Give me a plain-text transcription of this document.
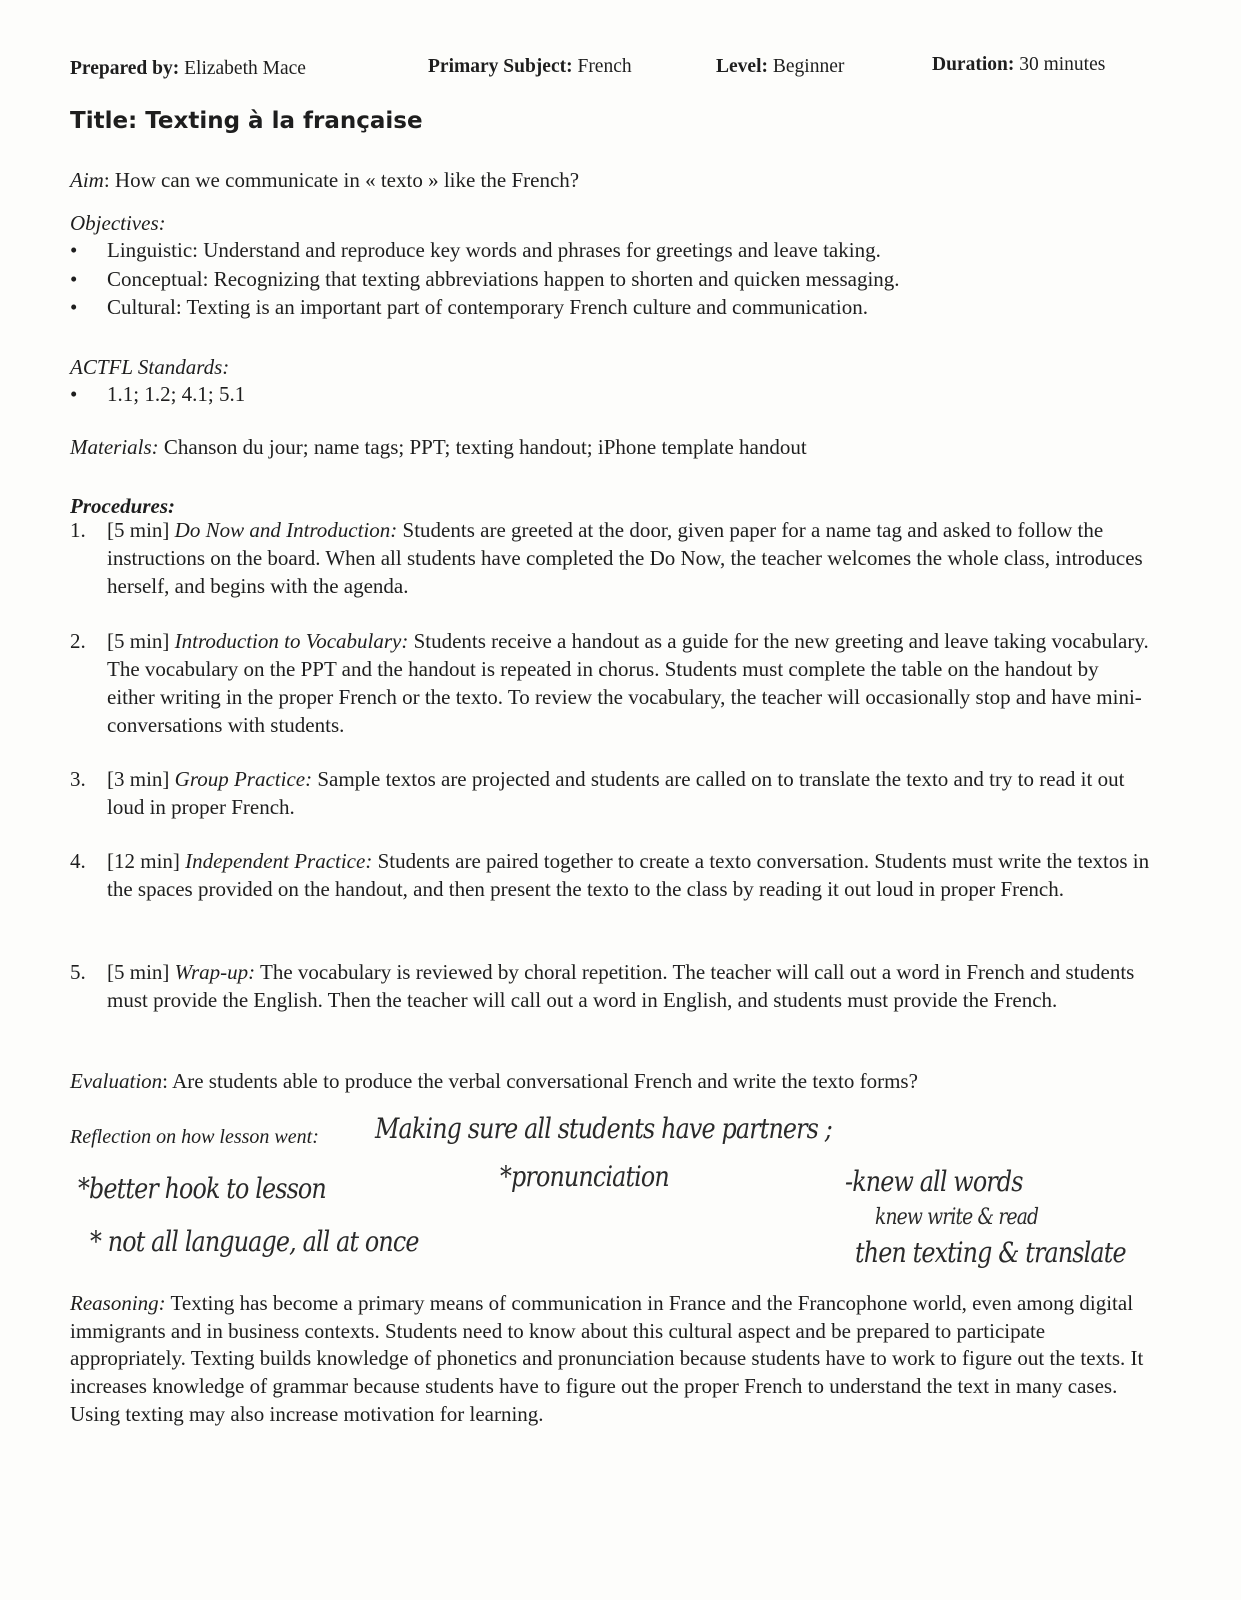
Prepared by: Elizabeth Mace	Primary Subject: French	Level: Beginner	Duration: 30 minutes
Title: Texting à la française
Aim: How can we communicate in « texto » like the French?
Objectives:
• Linguistic: Understand and reproduce key words and phrases for greetings and leave taking.
• Conceptual: Recognizing that texting abbreviations happen to shorten and quicken messaging.
• Cultural: Texting is an important part of contemporary French culture and communication.
ACTFL Standards:
• 1.1; 1.2; 4.1; 5.1
Materials: Chanson du jour; name tags; PPT; texting handout; iPhone template handout
Procedures:
1. [5 min] Do Now and Introduction: Students are greeted at the door, given paper for a name tag and asked to follow the instructions on the board. When all students have completed the Do Now, the teacher welcomes the whole class, introduces herself, and begins with the agenda.
2. [5 min] Introduction to Vocabulary: Students receive a handout as a guide for the new greeting and leave taking vocabulary. The vocabulary on the PPT and the handout is repeated in chorus. Students must complete the table on the handout by either writing in the proper French or the texto. To review the vocabulary, the teacher will occasionally stop and have mini-conversations with students.
3. [3 min] Group Practice: Sample textos are projected and students are called on to translate the texto and try to read it out loud in proper French.
4. [12 min] Independent Practice: Students are paired together to create a texto conversation. Students must write the textos in the spaces provided on the handout, and then present the texto to the class by reading it out loud in proper French.
5. [5 min] Wrap-up: The vocabulary is reviewed by choral repetition. The teacher will call out a word in French and students must provide the English. Then the teacher will call out a word in English, and students must provide the French.
Evaluation: Are students able to produce the verbal conversational French and write the texto forms?
Reflection on how lesson went: Making sure all students have partners ;
*better hook to lesson	*pronunciation	-knew all words
* not all language, all at once
knew write & read
then texting & translate
Reasoning: Texting has become a primary means of communication in France and the Francophone world, even among digital immigrants and in business contexts. Students need to know about this cultural aspect and be prepared to participate appropriately. Texting builds knowledge of phonetics and pronunciation because students have to work to figure out the texts. It increases knowledge of grammar because students have to figure out the proper French to understand the text in many cases. Using texting may also increase motivation for learning.
